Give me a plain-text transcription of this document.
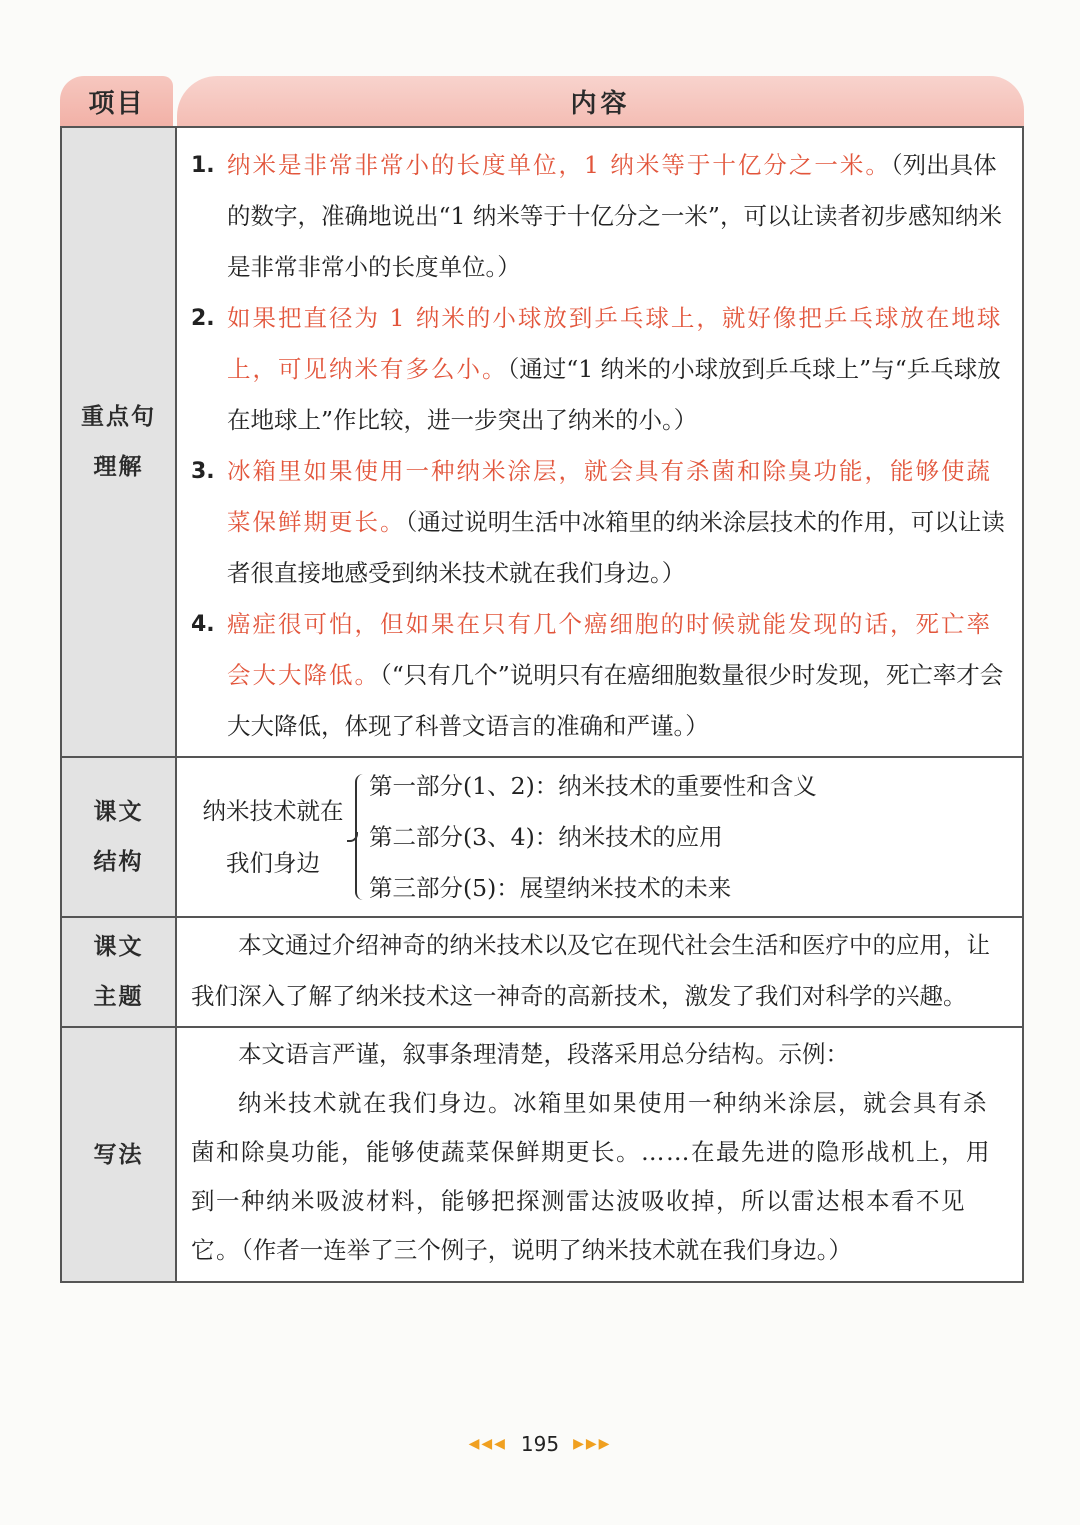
项目	内容
重点句
理解
1. 纳米是非常非常小的长度单位，1 纳米等于十亿分之一米。（列出具体的数字，准确地说出“1 纳米等于十亿分之一米”，可以让读者初步感知纳米是非常非常小的长度单位。）
2. 如果把直径为 1 纳米的小球放到乒乓球上，就好像把乒乓球放在地球上，可见纳米有多么小。（通过“1 纳米的小球放到乒乓球上”与“乒乓球放在地球上”作比较，进一步突出了纳米的小。）
3. 冰箱里如果使用一种纳米涂层，就会具有杀菌和除臭功能，能够使蔬菜保鲜期更长。（通过说明生活中冰箱里的纳米涂层技术的作用，可以让读者很直接地感受到纳米技术就在我们身边。）
4. 癌症很可怕，但如果在只有几个癌细胞的时候就能发现的话，死亡率会大大降低。（“只有几个”说明只有在癌细胞数量很少时发现，死亡率才会大大降低，体现了科普文语言的准确和严谨。）
课文
结构
纳米技术就在
我们身边
第一部分(1、2)：纳米技术的重要性和含义
第二部分(3、4)：纳米技术的应用
第三部分(5)：展望纳米技术的未来
课文
主题
本文通过介绍神奇的纳米技术以及它在现代社会生活和医疗中的应用，让我们深入了解了纳米技术这一神奇的高新技术，激发了我们对科学的兴趣。
写法
本文语言严谨，叙事条理清楚，段落采用总分结构。示例：
纳米技术就在我们身边。冰箱里如果使用一种纳米涂层，就会具有杀菌和除臭功能，能够使蔬菜保鲜期更长。……在最先进的隐形战机上，用到一种纳米吸波材料，能够把探测雷达波吸收掉，所以雷达根本看不见它。（作者一连举了三个例子，说明了纳米技术就在我们身边。）
◀◀◀ 195 ▶▶▶
